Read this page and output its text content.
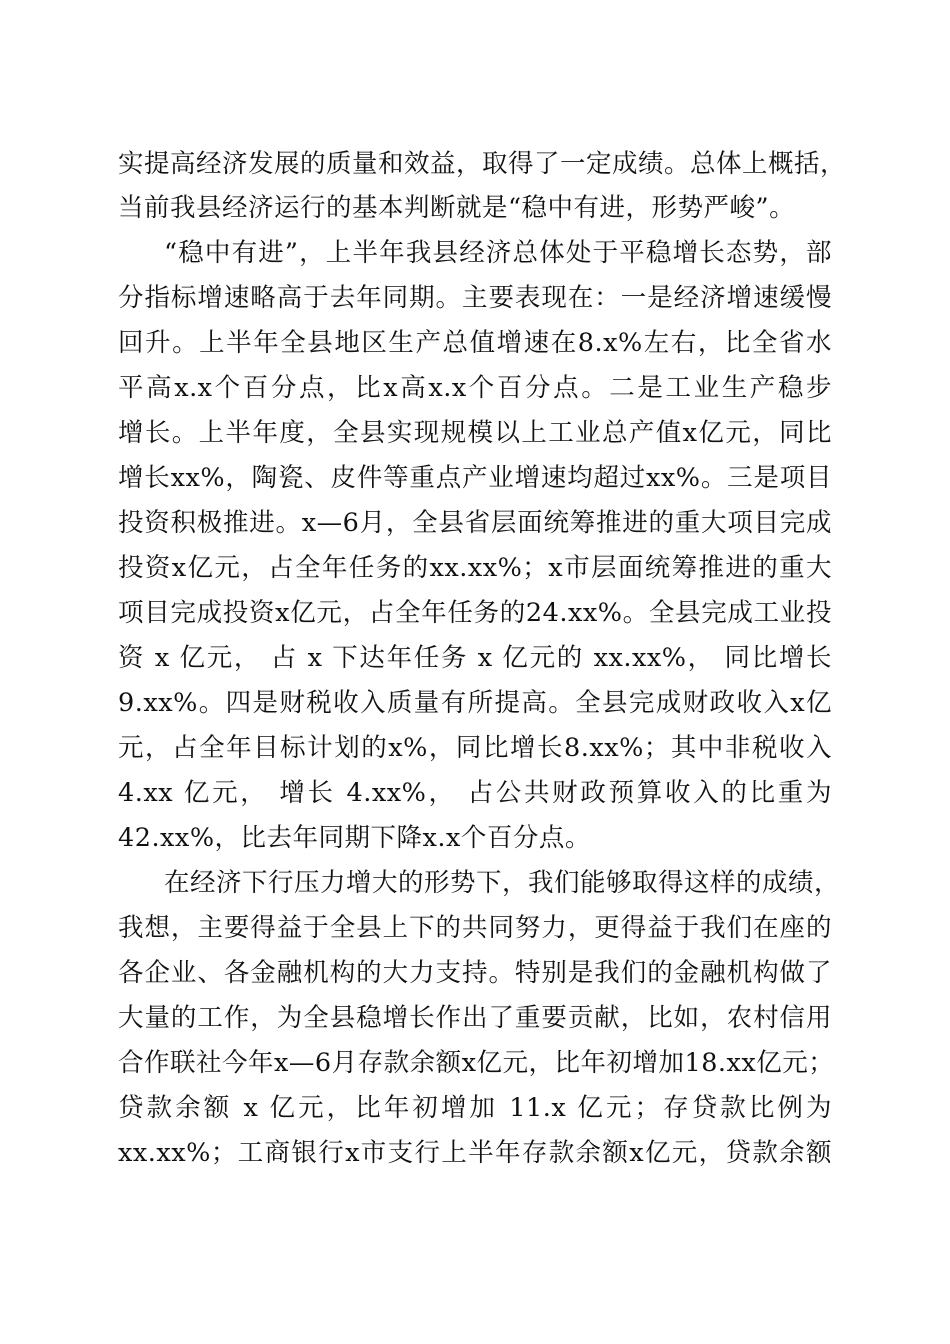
实提高经济发展的质量和效益，取得了一定成绩。总体上概括，
当前我县经济运行的基本判断就是“稳中有进，形势严峻”。
“稳中有进”，上半年我县经济总体处于平稳增长态势，部
分指标增速略高于去年同期。主要表现在：一是经济增速缓慢
回升。上半年全县地区生产总值增速在8.x%左右，比全省水
平高x.x个百分点，比x高x.x个百分点。二是工业生产稳步
增长。上半年度，全县实现规模以上工业总产值x亿元，同比
增长xx%，陶瓷、皮件等重点产业增速均超过xx%。三是项目
投资积极推进。x—6月，全县省层面统筹推进的重大项目完成
投资x亿元，占全年任务的xx.xx%；x市层面统筹推进的重大
项目完成投资x亿元，占全年任务的24.xx%。全县完成工业投
资 x 亿元， 占 x 下达年任务 x 亿元的 xx.xx%， 同比增长
9.xx%。四是财税收入质量有所提高。全县完成财政收入x亿
元，占全年目标计划的x%，同比增长8.xx%；其中非税收入
4.xx 亿元， 增长 4.xx%， 占公共财政预算收入的比重为
42.xx%，比去年同期下降x.x个百分点。
在经济下行压力增大的形势下，我们能够取得这样的成绩，
我想，主要得益于全县上下的共同努力，更得益于我们在座的
各企业、各金融机构的大力支持。特别是我们的金融机构做了
大量的工作，为全县稳增长作出了重要贡献，比如，农村信用
合作联社今年x—6月存款余额x亿元，比年初增加18.xx亿元；
贷款余额 x 亿元，比年初增加 11.x 亿元；存贷款比例为
xx.xx%；工商银行x市支行上半年存款余额x亿元，贷款余额
